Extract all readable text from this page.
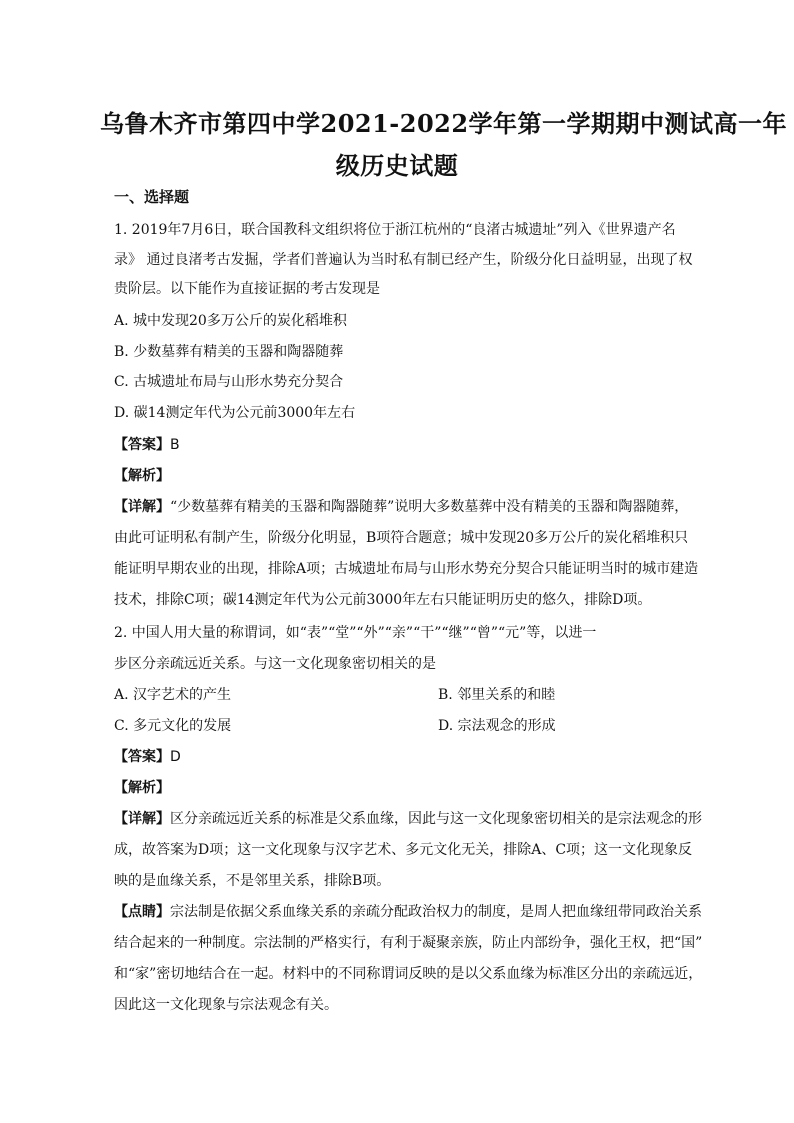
乌鲁木齐市第四中学2021-2022学年第一学期期中测试高一年
级历史试题
一、选择题
1. 2019年7月6日，联合国教科文组织将位于浙江杭州的“良渚古城遗址”列入《世界遗产名
录》 通过良渚考古发掘，学者们普遍认为当时私有制已经产生，阶级分化日益明显，出现了权
贵阶层。以下能作为直接证据的考古发现是
A. 城中发现20多万公斤的炭化稻堆积
B. 少数墓葬有精美的玉器和陶器随葬
C. 古城遗址布局与山形水势充分契合
D. 碳14测定年代为公元前3000年左右
【答案】B
【解析】
【详解】“少数墓葬有精美的玉器和陶器随葬”说明大多数墓葬中没有精美的玉器和陶器随葬，
由此可证明私有制产生，阶级分化明显，B项符合题意；城中发现20多万公斤的炭化稻堆积只
能证明早期农业的出现，排除A项；古城遗址布局与山形水势充分契合只能证明当时的城市建造
技术，排除C项；碳14测定年代为公元前3000年左右只能证明历史的悠久，排除D项。
2. 中国人用大量的称谓词，如“表”“堂”“外”“亲”“干”“继”“曾”“元”等，以进一
步区分亲疏远近关系。与这一文化现象密切相关的是
A. 汉字艺术的产生	B. 邻里关系的和睦
C. 多元文化的发展	D. 宗法观念的形成
【答案】D
【解析】
【详解】区分亲疏远近关系的标准是父系血缘，因此与这一文化现象密切相关的是宗法观念的形
成，故答案为D项；这一文化现象与汉字艺术、多元文化无关，排除A、C项；这一文化现象反
映的是血缘关系，不是邻里关系，排除B项。
【点睛】宗法制是依据父系血缘关系的亲疏分配政治权力的制度，是周人把血缘纽带同政治关系
结合起来的一种制度。宗法制的严格实行，有利于凝聚亲族，防止内部纷争，强化王权，把“国”
和“家”密切地结合在一起。材料中的不同称谓词反映的是以父系血缘为标准区分出的亲疏远近，
因此这一文化现象与宗法观念有关。
